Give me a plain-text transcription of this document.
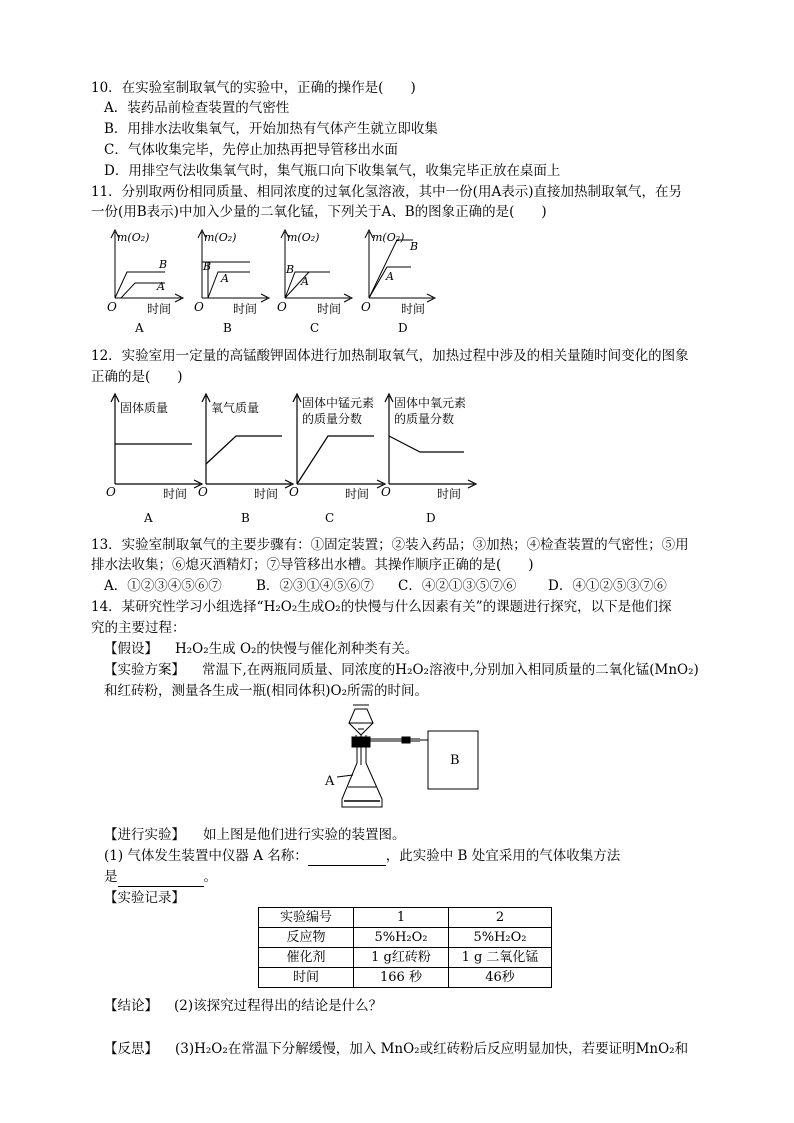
10．在实验室制取氧气的实验中，正确的操作是(　　)
A．装药品前检查装置的气密性
B．用排水法收集氧气，开始加热有气体产生就立即收集
C．气体收集完毕，先停止加热再把导管移出水面
D．用排空气法收集氧气时，集气瓶口向下收集氧气，收集完毕正放在桌面上
11．分别取两份相同质量、相同浓度的过氧化氢溶液，其中一份(用A表示)直接加热制取氧气，在另
一份(用B表示)中加入少量的二氧化锰，下列关于A、B的图象正确的是(　　)
m(O₂)	m(O₂)	m(O₂)	m(O₂)
B
A
B
A
B
A
B
A
O	O	O	O
时间	时间	时间	时间
A	B	C	D
12．实验室用一定量的高锰酸钾固体进行加热制取氧气，加热过程中涉及的相关量随时间变化的图象
正确的是(　　)
固体质量	氧气质量	固体中锰元素
的质量分数
固体中氧元素
的质量分数
时间	时间	时间	时间
A	B	C	D
O	O	O	O
13．实验室制取氧气的主要步骤有：①固定装置；②装入药品；③加热；④检查装置的气密性；⑤用
排水法收集；⑥熄灭酒精灯；⑦导管移出水槽。其操作顺序正确的是(　　)
A．①②③④⑤⑥⑦	B．②③①④⑤⑥⑦ C．④②①③⑤⑦⑥ D．④①②⑤③⑦⑥
14．某研究性学习小组选择“H₂O₂生成O₂的快慢与什么因素有关”的课题进行探究，以下是他们探
究的主要过程：
【假设】 H₂O₂生成 O₂的快慢与催化剂种类有关。
【实验方案】 常温下,在两瓶同质量、同浓度的H₂O₂溶液中,分别加入相同质量的二氧化锰(MnO₂)
和红砖粉，测量各生成一瓶(相同体积)O₂所需的时间。
A
B
【进行实验】 如上图是他们进行实验的装置图。
(1) 气体发生装置中仪器 A 名称：	，此实验中 B 处宜采用的气体收集方法
是	。
【实验记录】
实验编号	1	2
反应物	5%H₂O₂	5%H₂O₂
催化剂	1 g红砖粉	1 g 二氧化锰
时间	166 秒	46秒
【结论】 (2)该探究过程得出的结论是什么？
【反思】 (3)H₂O₂在常温下分解缓慢，加入 MnO₂或红砖粉后反应明显加快，若要证明MnO₂和
